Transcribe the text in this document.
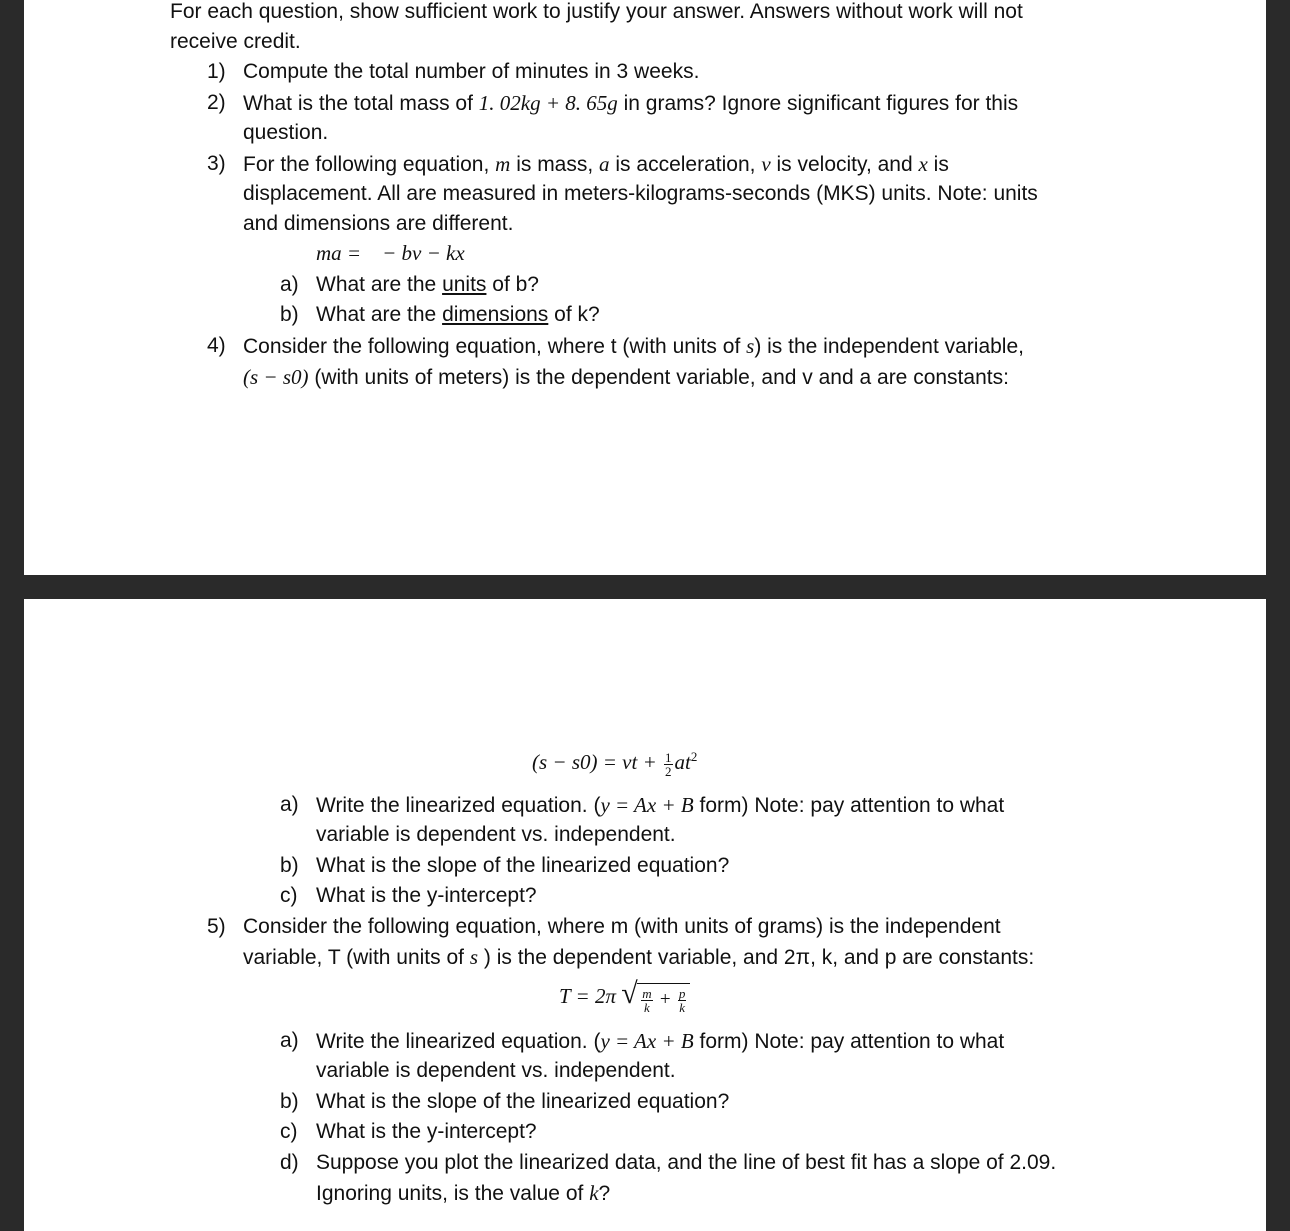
For each question, show sufficient work to justify your answer. Answers without work will not
receive credit.
1) Compute the total number of minutes in 3 weeks.
2) What is the total mass of 1. 02kg + 8. 65g in grams? Ignore significant figures for this
question.
3) For the following equation, m is mass, a is acceleration, v is velocity, and x is
displacement. All are measured in meters-kilograms-seconds (MKS) units. Note: units
and dimensions are different.
ma =    − bv − kx
a) What are the units of b?
b) What are the dimensions of k?
4) Consider the following equation, where t (with units of s) is the independent variable,
(s − s0) (with units of meters) is the dependent variable, and v and a are constants:
(s − s0) = vt + $\frac{1}{2} at^2$
a) Write the linearized equation. (y = Ax + B form) Note: pay attention to what
variable is dependent vs. independent.
b) What is the slope of the linearized equation?
c) What is the y-intercept?
5) Consider the following equation, where m (with units of grams) is the independent
variable, T (with units of s ) is the dependent variable, and 2π, k, and p are constants:
T = 2π √ $\frac{m}{k} + \frac{p}{k}$
a) Write the linearized equation. (y = Ax + B form) Note: pay attention to what
variable is dependent vs. independent.
b) What is the slope of the linearized equation?
c) What is the y-intercept?
d) Suppose you plot the linearized data, and the line of best fit has a slope of 2.09.
Ignoring units, is the value of k?
